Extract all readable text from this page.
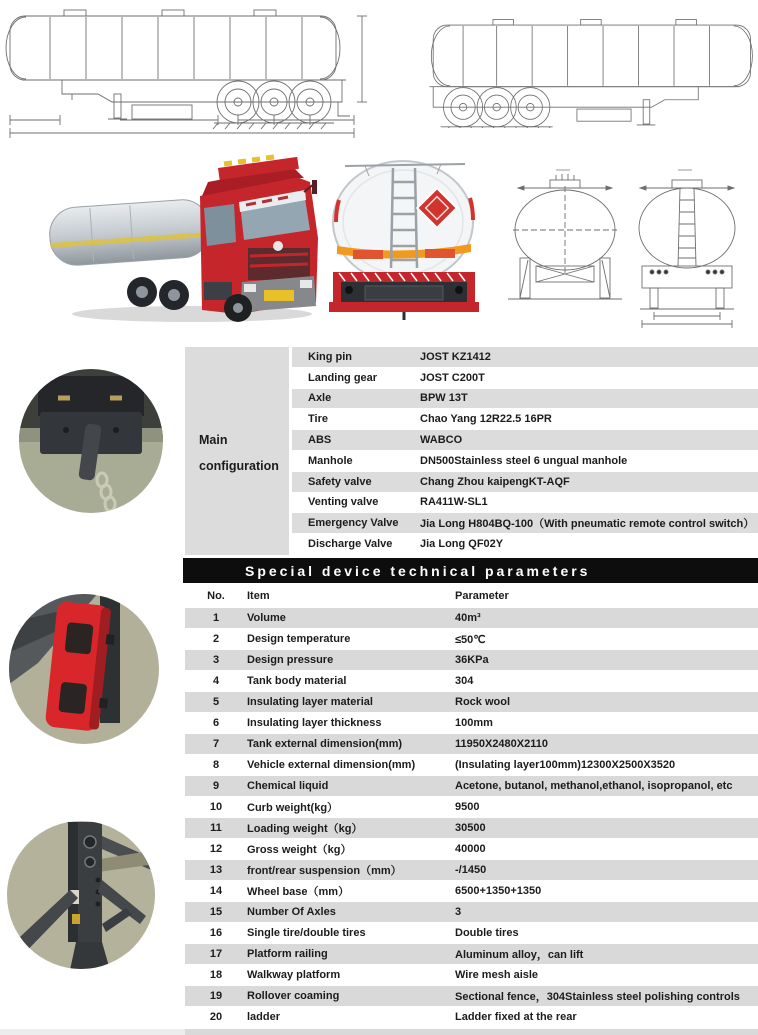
Main
configuration
King pin	JOST KZ1412
Landing gear	JOST C200T
Axle	BPW 13T
Tire	Chao Yang 12R22.5 16PR
ABS	WABCO
Manhole	DN500Stainless steel 6 ungual manhole
Safety valve	Chang Zhou kaipengKT-AQF
Venting valve	RA411W-SL1
Emergency Valve	Jia Long H804BQ-100（With pneumatic remote control switch）
Discharge Valve	Jia Long QF02Y
Special device technical parameters
No.	Item	Parameter
1	Volume	40m³
2	Design temperature	≤50℃
3	Design pressure	36KPa
4	Tank body material	304
5	Insulating layer material	Rock wool
6	Insulating layer thickness	100mm
7	Tank external dimension(mm)	11950X2480X2110
8	Vehicle external dimension(mm)	(Insulating layer100mm)12300X2500X3520
9	Chemical liquid	Acetone, butanol, methanol,ethanol, isopropanol, etc
10	Curb weight(kg）	9500
11	Loading weight（kg）	30500
12	Gross weight（kg）	40000
13	front/rear suspension（mm）	-/1450
14	Wheel base（mm）	6500+1350+1350
15	Number Of Axles	3
16	Single tire/double tires	Double tires
17	Platform railing	Aluminum alloy，can lift
18	Walkway platform	Wire mesh aisle
19	Rollover coaming	Sectional fence，304Stainless steel polishing controls
20	ladder	Ladder fixed at the rear
